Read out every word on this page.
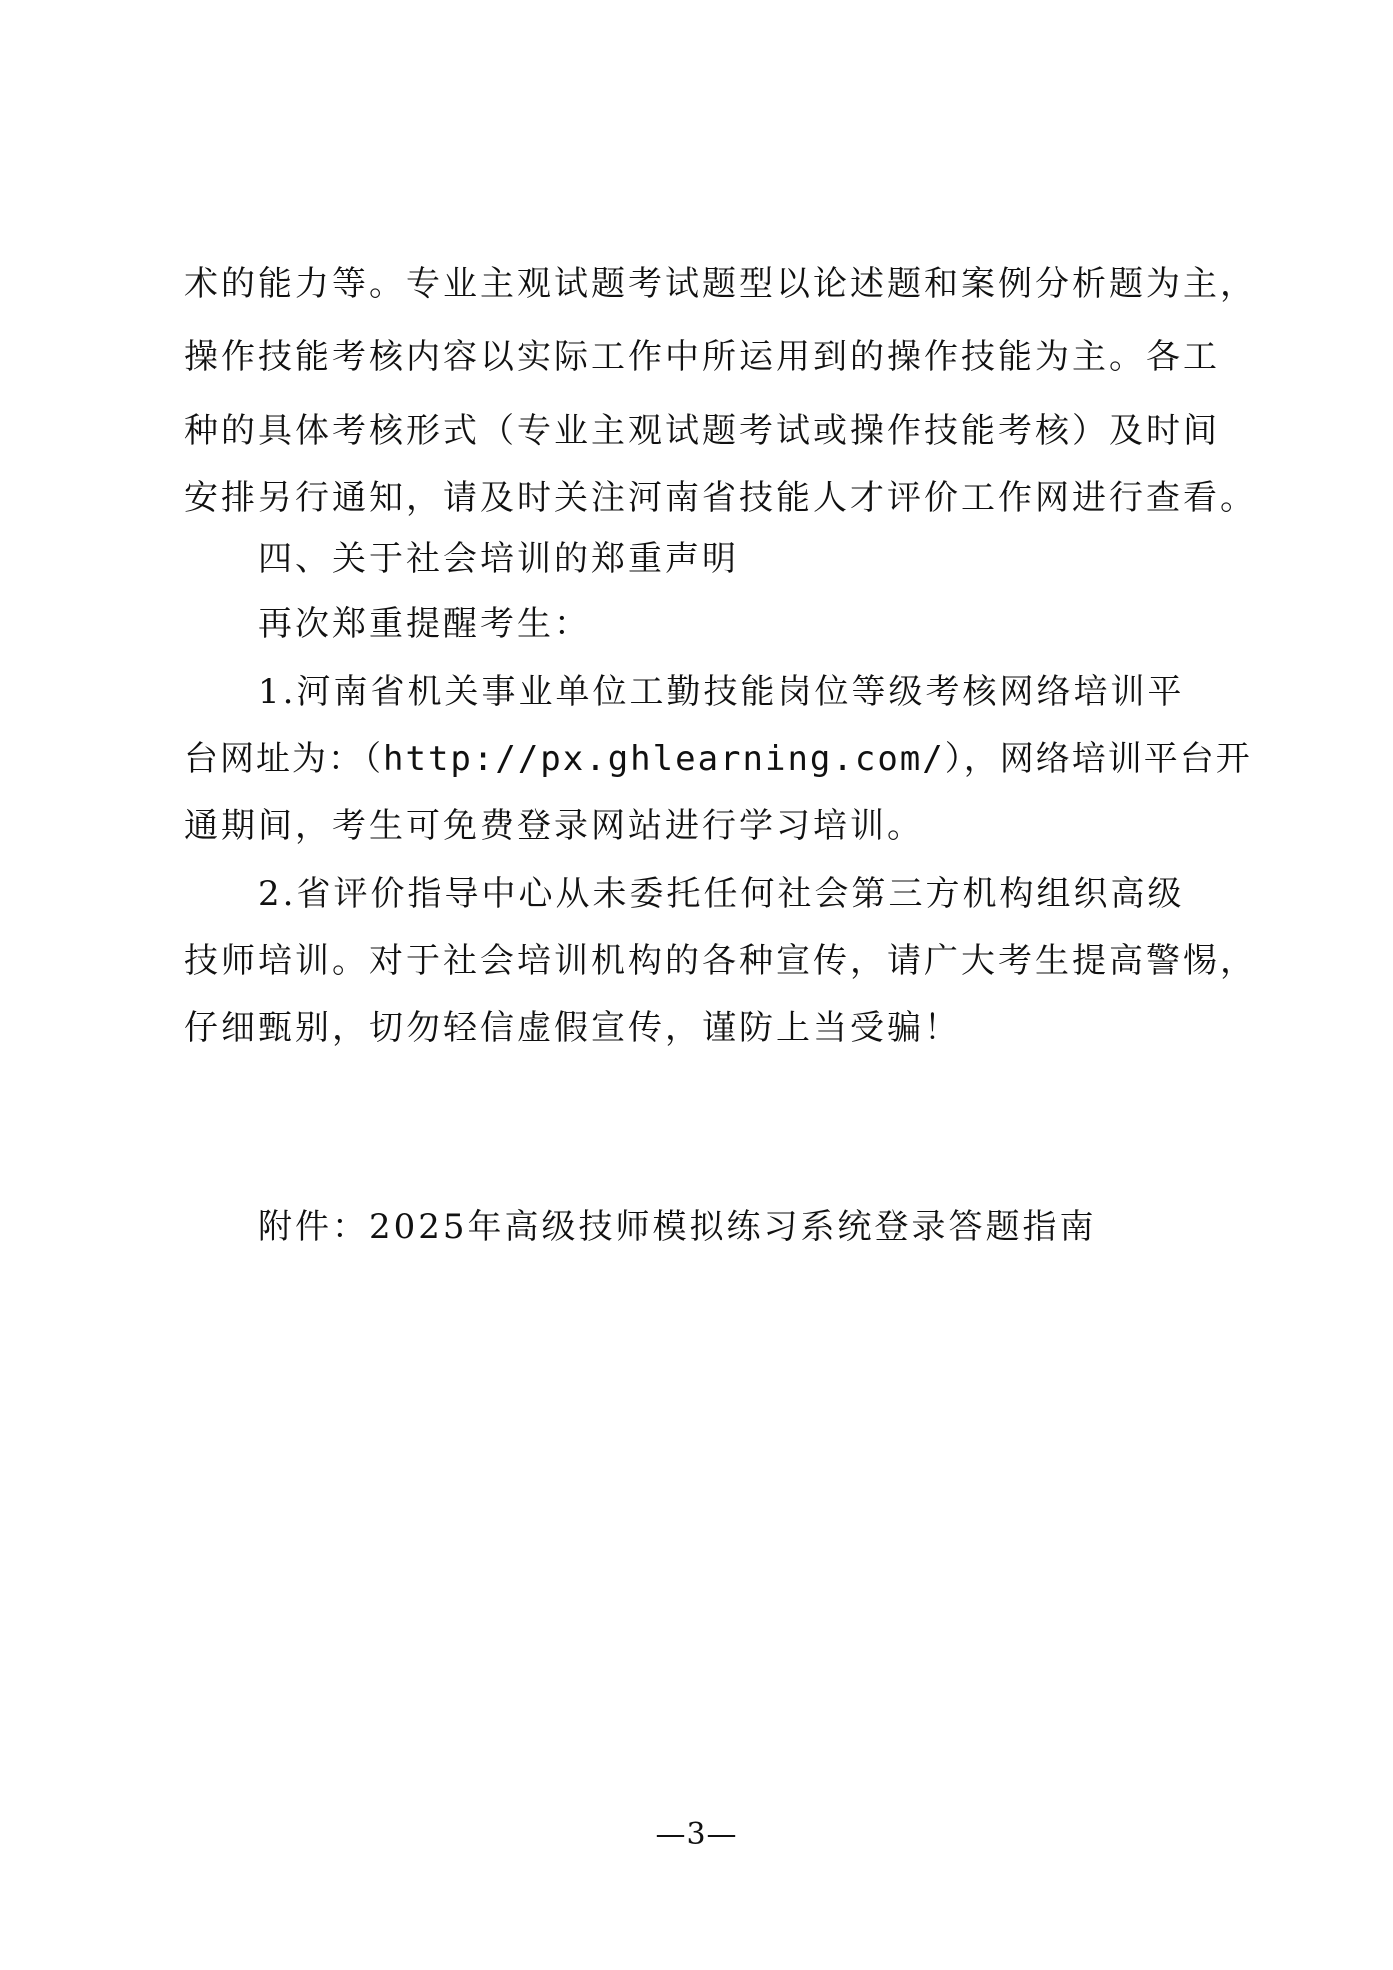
术的能力等。专业主观试题考试题型以论述题和案例分析题为主，
操作技能考核内容以实际工作中所运用到的操作技能为主。各工
种的具体考核形式（专业主观试题考试或操作技能考核）及时间
安排另行通知，请及时关注河南省技能人才评价工作网进行查看。
四、关于社会培训的郑重声明
再次郑重提醒考生：
1.河南省机关事业单位工勤技能岗位等级考核网络培训平
台网址为：（http://px.ghlearning.com/），网络培训平台开
通期间，考生可免费登录网站进行学习培训。
2.省评价指导中心从未委托任何社会第三方机构组织高级
技师培训。对于社会培训机构的各种宣传，请广大考生提高警惕，
仔细甄别，切勿轻信虚假宣传，谨防上当受骗！
附件：2025年高级技师模拟练习系统登录答题指南
—3—
